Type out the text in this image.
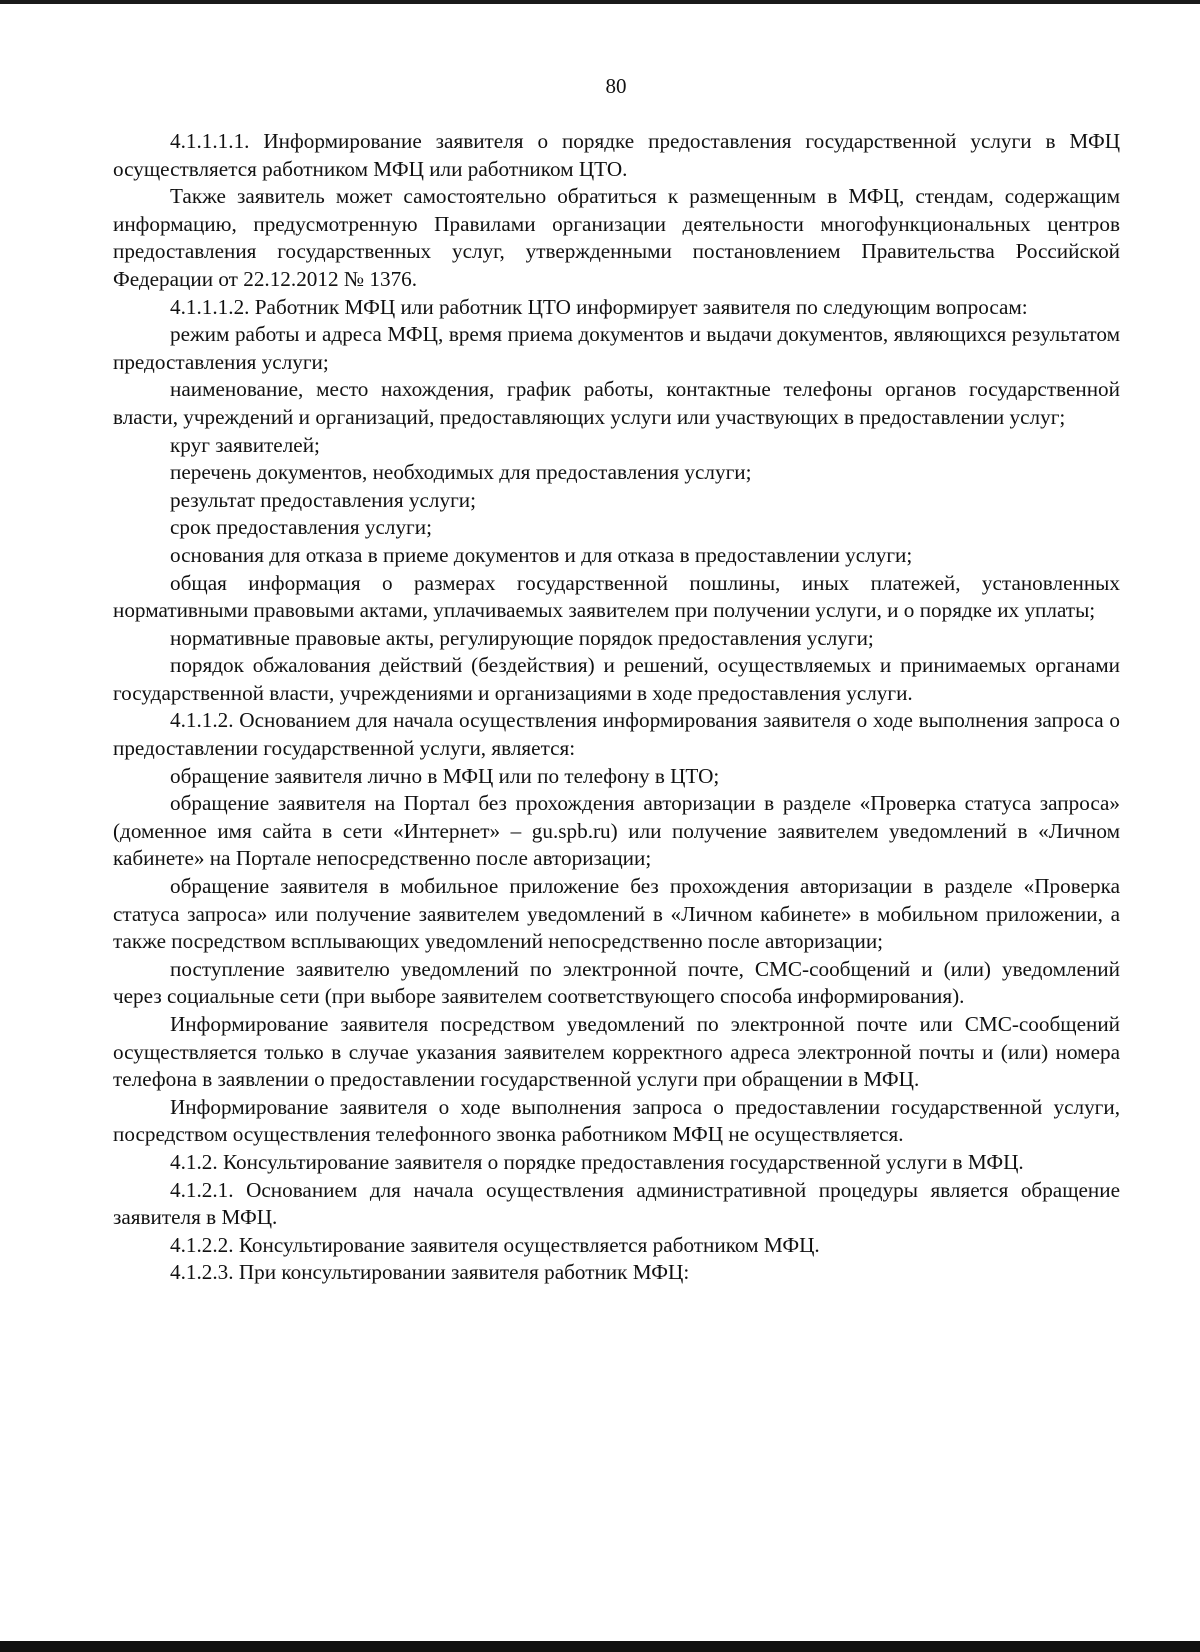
80

4.1.1.1.1. Информирование заявителя о порядке предоставления государственной услуги в МФЦ осуществляется работником МФЦ или работником ЦТО.

Также заявитель может самостоятельно обратиться к размещенным в МФЦ, стендам, содержащим информацию, предусмотренную Правилами организации деятельности многофункциональных центров предоставления государственных услуг, утвержденными постановлением Правительства Российской Федерации от 22.12.2012 № 1376.

4.1.1.1.2. Работник МФЦ или работник ЦТО информирует заявителя по следующим вопросам:

режим работы и адреса МФЦ, время приема документов и выдачи документов, являющихся результатом предоставления услуги;

наименование, место нахождения, график работы, контактные телефоны органов государственной власти, учреждений и организаций, предоставляющих услуги или участвующих в предоставлении услуг;

круг заявителей;

перечень документов, необходимых для предоставления услуги;

результат предоставления услуги;

срок предоставления услуги;

основания для отказа в приеме документов и для отказа в предоставлении услуги;

общая информация о размерах государственной пошлины, иных платежей, установленных нормативными правовыми актами, уплачиваемых заявителем при получении услуги, и о порядке их уплаты;

нормативные правовые акты, регулирующие порядок предоставления услуги;

порядок обжалования действий (бездействия) и решений, осуществляемых и принимаемых органами государственной власти, учреждениями и организациями в ходе предоставления услуги.

4.1.1.2. Основанием для начала осуществления информирования заявителя о ходе выполнения запроса о предоставлении государственной услуги, является:

обращение заявителя лично в МФЦ или по телефону в ЦТО;

обращение заявителя на Портал без прохождения авторизации в разделе «Проверка статуса запроса» (доменное имя сайта в сети «Интернет» – gu.spb.ru) или получение заявителем уведомлений в «Личном кабинете» на Портале непосредственно после авторизации;

обращение заявителя в мобильное приложение без прохождения авторизации в разделе «Проверка статуса запроса» или получение заявителем уведомлений в «Личном кабинете» в мобильном приложении, а также посредством всплывающих уведомлений непосредственно после авторизации;

поступление заявителю уведомлений по электронной почте, СМС-сообщений и (или) уведомлений через социальные сети (при выборе заявителем соответствующего способа информирования).

Информирование заявителя посредством уведомлений по электронной почте или СМС-сообщений осуществляется только в случае указания заявителем корректного адреса электронной почты и (или) номера телефона в заявлении о предоставлении государственной услуги при обращении в МФЦ.

Информирование заявителя о ходе выполнения запроса о предоставлении государственной услуги, посредством осуществления телефонного звонка работником МФЦ не осуществляется.

4.1.2. Консультирование заявителя о порядке предоставления государственной услуги в МФЦ.

4.1.2.1. Основанием для начала осуществления административной процедуры является обращение заявителя в МФЦ.

4.1.2.2. Консультирование заявителя осуществляется работником МФЦ.

4.1.2.3. При консультировании заявителя работник МФЦ:
